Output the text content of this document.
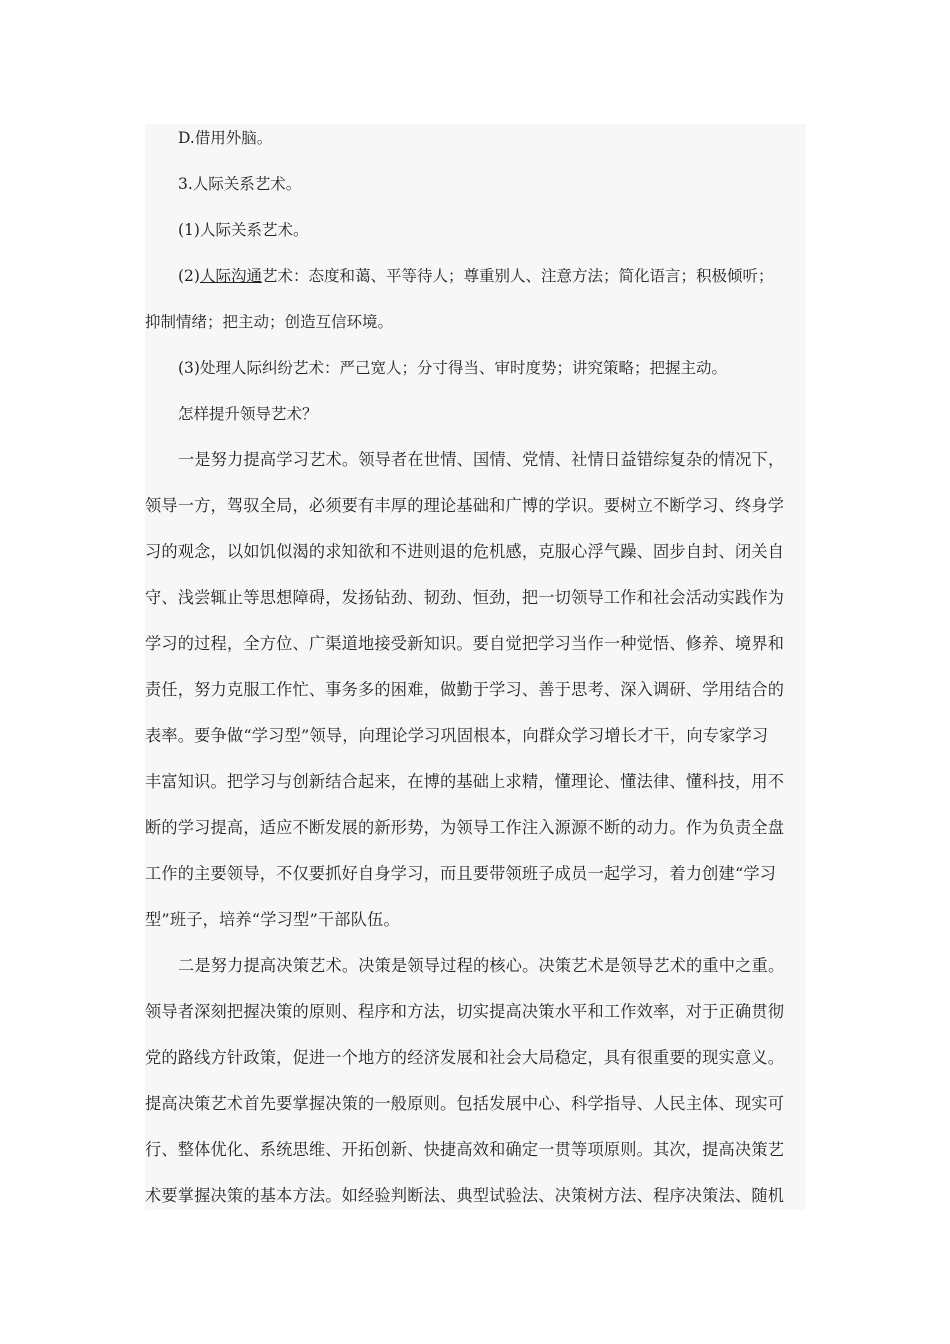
D.借用外脑。
3.人际关系艺术。
(1)人际关系艺术。
(2)人际沟通艺术：态度和蔼、平等待人；尊重别人、注意方法；简化语言；积极倾听；
抑制情绪；把主动；创造互信环境。
(3)处理人际纠纷艺术：严己宽人；分寸得当、审时度势；讲究策略；把握主动。
怎样提升领导艺术？
一是努力提高学习艺术。领导者在世情、国情、党情、社情日益错综复杂的情况下，
领导一方，驾驭全局，必须要有丰厚的理论基础和广博的学识。要树立不断学习、终身学
习的观念，以如饥似渴的求知欲和不进则退的危机感，克服心浮气躁、固步自封、闭关自
守、浅尝辄止等思想障碍，发扬钻劲、韧劲、恒劲，把一切领导工作和社会活动实践作为
学习的过程，全方位、广渠道地接受新知识。要自觉把学习当作一种觉悟、修养、境界和
责任，努力克服工作忙、事务多的困难，做勤于学习、善于思考、深入调研、学用结合的
表率。要争做“学习型”领导，向理论学习巩固根本，向群众学习增长才干，向专家学习
丰富知识。把学习与创新结合起来，在博的基础上求精，懂理论、懂法律、懂科技，用不
断的学习提高，适应不断发展的新形势，为领导工作注入源源不断的动力。作为负责全盘
工作的主要领导，不仅要抓好自身学习，而且要带领班子成员一起学习，着力创建“学习
型”班子，培养“学习型”干部队伍。
二是努力提高决策艺术。决策是领导过程的核心。决策艺术是领导艺术的重中之重。
领导者深刻把握决策的原则、程序和方法，切实提高决策水平和工作效率，对于正确贯彻
党的路线方针政策，促进一个地方的经济发展和社会大局稳定，具有很重要的现实意义。
提高决策艺术首先要掌握决策的一般原则。包括发展中心、科学指导、人民主体、现实可
行、整体优化、系统思维、开拓创新、快捷高效和确定一贯等项原则。其次，提高决策艺
术要掌握决策的基本方法。如经验判断法、典型试验法、决策树方法、程序决策法、随机
